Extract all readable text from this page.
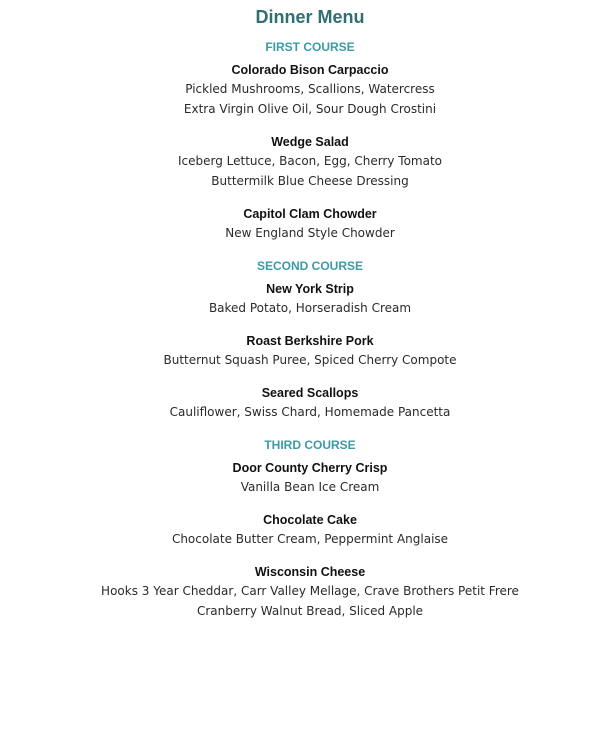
Dinner Menu
FIRST COURSE
Colorado Bison Carpaccio
Pickled Mushrooms, Scallions, Watercress
Extra Virgin Olive Oil, Sour Dough Crostini
Wedge Salad
Iceberg Lettuce, Bacon, Egg, Cherry Tomato
Buttermilk Blue Cheese Dressing
Capitol Clam Chowder
New England Style Chowder
SECOND COURSE
New York Strip
Baked Potato, Horseradish Cream
Roast Berkshire Pork
Butternut Squash Puree, Spiced Cherry Compote
Seared Scallops
Cauliflower, Swiss Chard, Homemade Pancetta
THIRD COURSE
Door County Cherry Crisp
Vanilla Bean Ice Cream
Chocolate Cake
Chocolate Butter Cream, Peppermint Anglaise
Wisconsin Cheese
Hooks 3 Year Cheddar, Carr Valley Mellage, Crave Brothers Petit Frere
Cranberry Walnut Bread, Sliced Apple
